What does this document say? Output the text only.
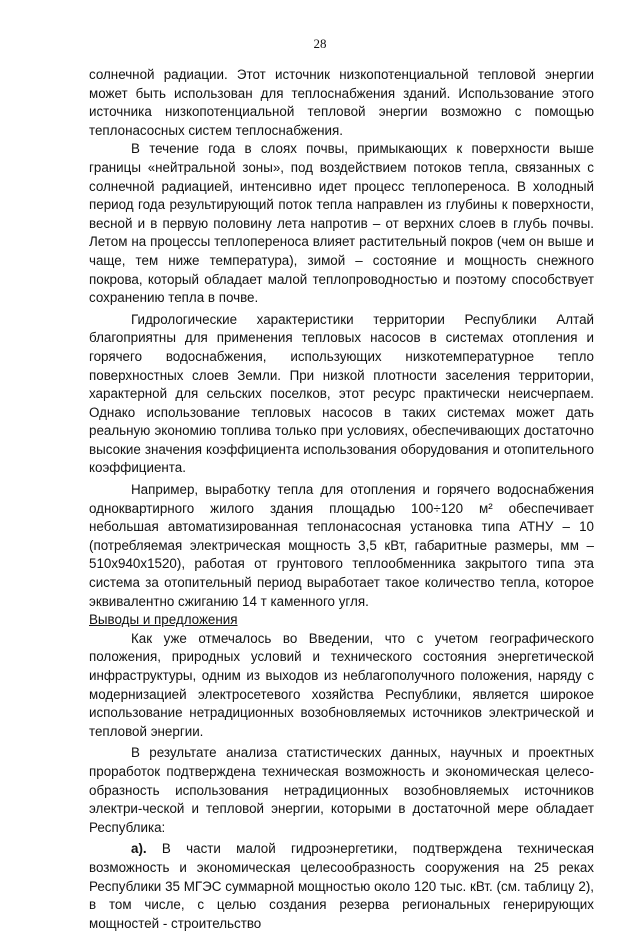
28

солнечной радиации. Этот источник низкопотенциальной тепловой энергии может быть использован для теплоснабжения зданий. Использование этого источника низкопотенциальной тепловой энергии возможно с помощью теплонасосных систем теплоснабжения.

В течение года в слоях почвы, примыкающих к поверхности выше границы «нейтральной зоны», под воздействием потоков тепла, связанных с солнечной радиацией, интенсивно идет процесс теплопереноса. В холодный период года результирующий поток тепла направлен из глубины к поверхности, весной и в первую половину лета напротив – от верхних слоев в глубь почвы. Летом на процессы теплопереноса влияет растительный покров (чем он выше и чаще, тем ниже температура), зимой – состояние и мощность снежного покрова, который обладает малой теплопроводностью и поэтому способствует сохранению тепла в почве.

Гидрологические характеристики территории Республики Алтай благоприятны для применения тепловых насосов в системах отопления и горячего водоснабжения, использующих низкотемпературное тепло поверхностных слоев Земли. При низкой плотности заселения территории, характерной для сельских поселков, этот ресурс практически неисчерпаем. Однако использование тепловых насосов в таких системах может дать реальную экономию топлива только при условиях, обеспечивающих достаточно высокие значения коэффициента использования оборудования и отопительного коэффициента.

Например, выработку тепла для отопления и горячего водоснабжения одноквартирного жилого здания площадью 100÷120 м² обеспечивает небольшая автоматизированная теплонасосная установка типа АТНУ – 10 (потребляемая электрическая мощность 3,5 кВт, габаритные размеры, мм – 510х940х1520), работая от грунтового теплообменника закрытого типа эта система за отопительный период выработает такое количество тепла, которое эквивалентно сжиганию 14 т каменного угля.

Выводы и предложения

Как уже отмечалось во Введении, что с учетом географического положения, природных условий и технического состояния энергетической инфраструктуры, одним из выходов из неблагополучного положения, наряду с модернизацией электросетевого хозяйства Республики, является широкое использование нетрадиционных возобновляемых источников электрической и тепловой энергии.

В результате анализа статистических данных, научных и проектных проработок подтверждена техническая возможность и экономическая целесо-образность использования нетрадиционных возобновляемых источников электри-ческой и тепловой энергии, которыми в достаточной мере обладает Республика:

а). В части малой гидроэнергетики, подтверждена техническая возможность и экономическая целесообразность сооружения на 25 реках Республики 35 МГЭС суммарной мощностью около 120 тыс. кВт. (см. таблицу 2), в том числе, с целью создания резерва региональных генерирующих мощностей - строительство
